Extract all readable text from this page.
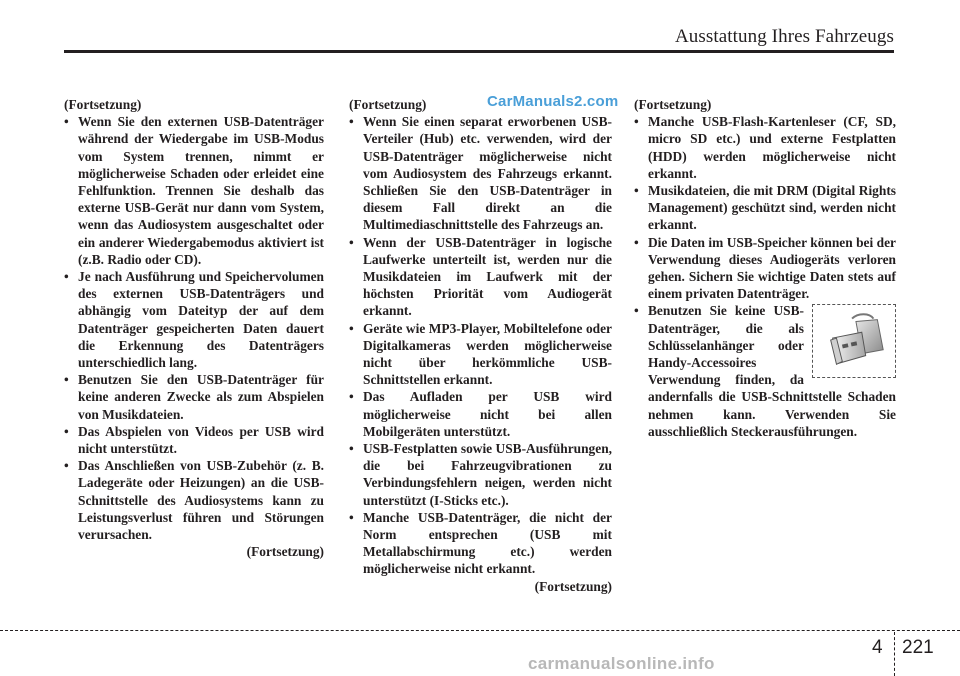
Ausstattung Ihres Fahrzeugs
CarManuals2.com

(Fortsetzung)

• Wenn Sie den externen USB-Datenträger während der Wiedergabe im USB-Modus vom System trennen, nimmt er möglicherweise Schaden oder erleidet eine Fehlfunktion. Trennen Sie deshalb das externe USB-Gerät nur dann vom System, wenn das Audiosystem ausgeschaltet oder ein anderer Wiedergabemodus aktiviert ist (z.B. Radio oder CD).
• Je nach Ausführung und Speichervolumen des externen USB-Datenträgers und abhängig vom Dateityp der auf dem Datenträger gespeicherten Daten dauert die Erkennung des Datenträgers unterschiedlich lang.
• Benutzen Sie den USB-Datenträger für keine anderen Zwecke als zum Abspielen von Musikdateien.
• Das Abspielen von Videos per USB wird nicht unterstützt.
• Das Anschließen von USB-Zubehör (z. B. Ladegeräte oder Heizungen) an die USB-Schnittstelle des Audiosystems kann zu Leistungsverlust führen und Störungen verursachen.

(Fortsetzung)

(Fortsetzung)

• Wenn Sie einen separat erworbenen USB-Verteiler (Hub) etc. verwenden, wird der USB-Datenträger möglicherweise nicht vom Audiosystem des Fahrzeugs erkannt. Schließen Sie den USB-Datenträger in diesem Fall direkt an die Multimediaschnittstelle des Fahrzeugs an.
• Wenn der USB-Datenträger in logische Laufwerke unterteilt ist, werden nur die Musikdateien im Laufwerk mit der höchsten Priorität vom Audiogerät erkannt.
• Geräte wie MP3-Player, Mobiltelefone oder Digitalkameras werden möglicherweise nicht über herkömmliche USB-Schnittstellen erkannt.
• Das Aufladen per USB wird möglicherweise nicht bei allen Mobilgeräten unterstützt.
• USB-Festplatten sowie USB-Ausführungen, die bei Fahrzeugvibrationen zu Verbindungsfehlern neigen, werden nicht unterstützt (I-Sticks etc.).
• Manche USB-Datenträger, die nicht der Norm entsprechen (USB mit Metallabschirmung etc.) werden möglicherweise nicht erkannt.

(Fortsetzung)

(Fortsetzung)

• Manche USB-Flash-Kartenleser (CF, SD, micro SD etc.) und externe Festplatten (HDD) werden möglicherweise nicht erkannt.
• Musikdateien, die mit DRM (Digital Rights Management) geschützt sind, werden nicht erkannt.
• Die Daten im USB-Speicher können bei der Verwendung dieses Audiogeräts verloren gehen. Sichern Sie wichtige Daten stets auf einem privaten Datenträger.
• Benutzen Sie keine USB-Datenträger, die als Schlüsselanhänger oder Handy-Accessoires Verwendung finden, da andernfalls die USB-Schnittstelle Schaden nehmen kann. Verwenden Sie ausschließlich Steckerausführungen.
4 221
carmanualsonline.info
